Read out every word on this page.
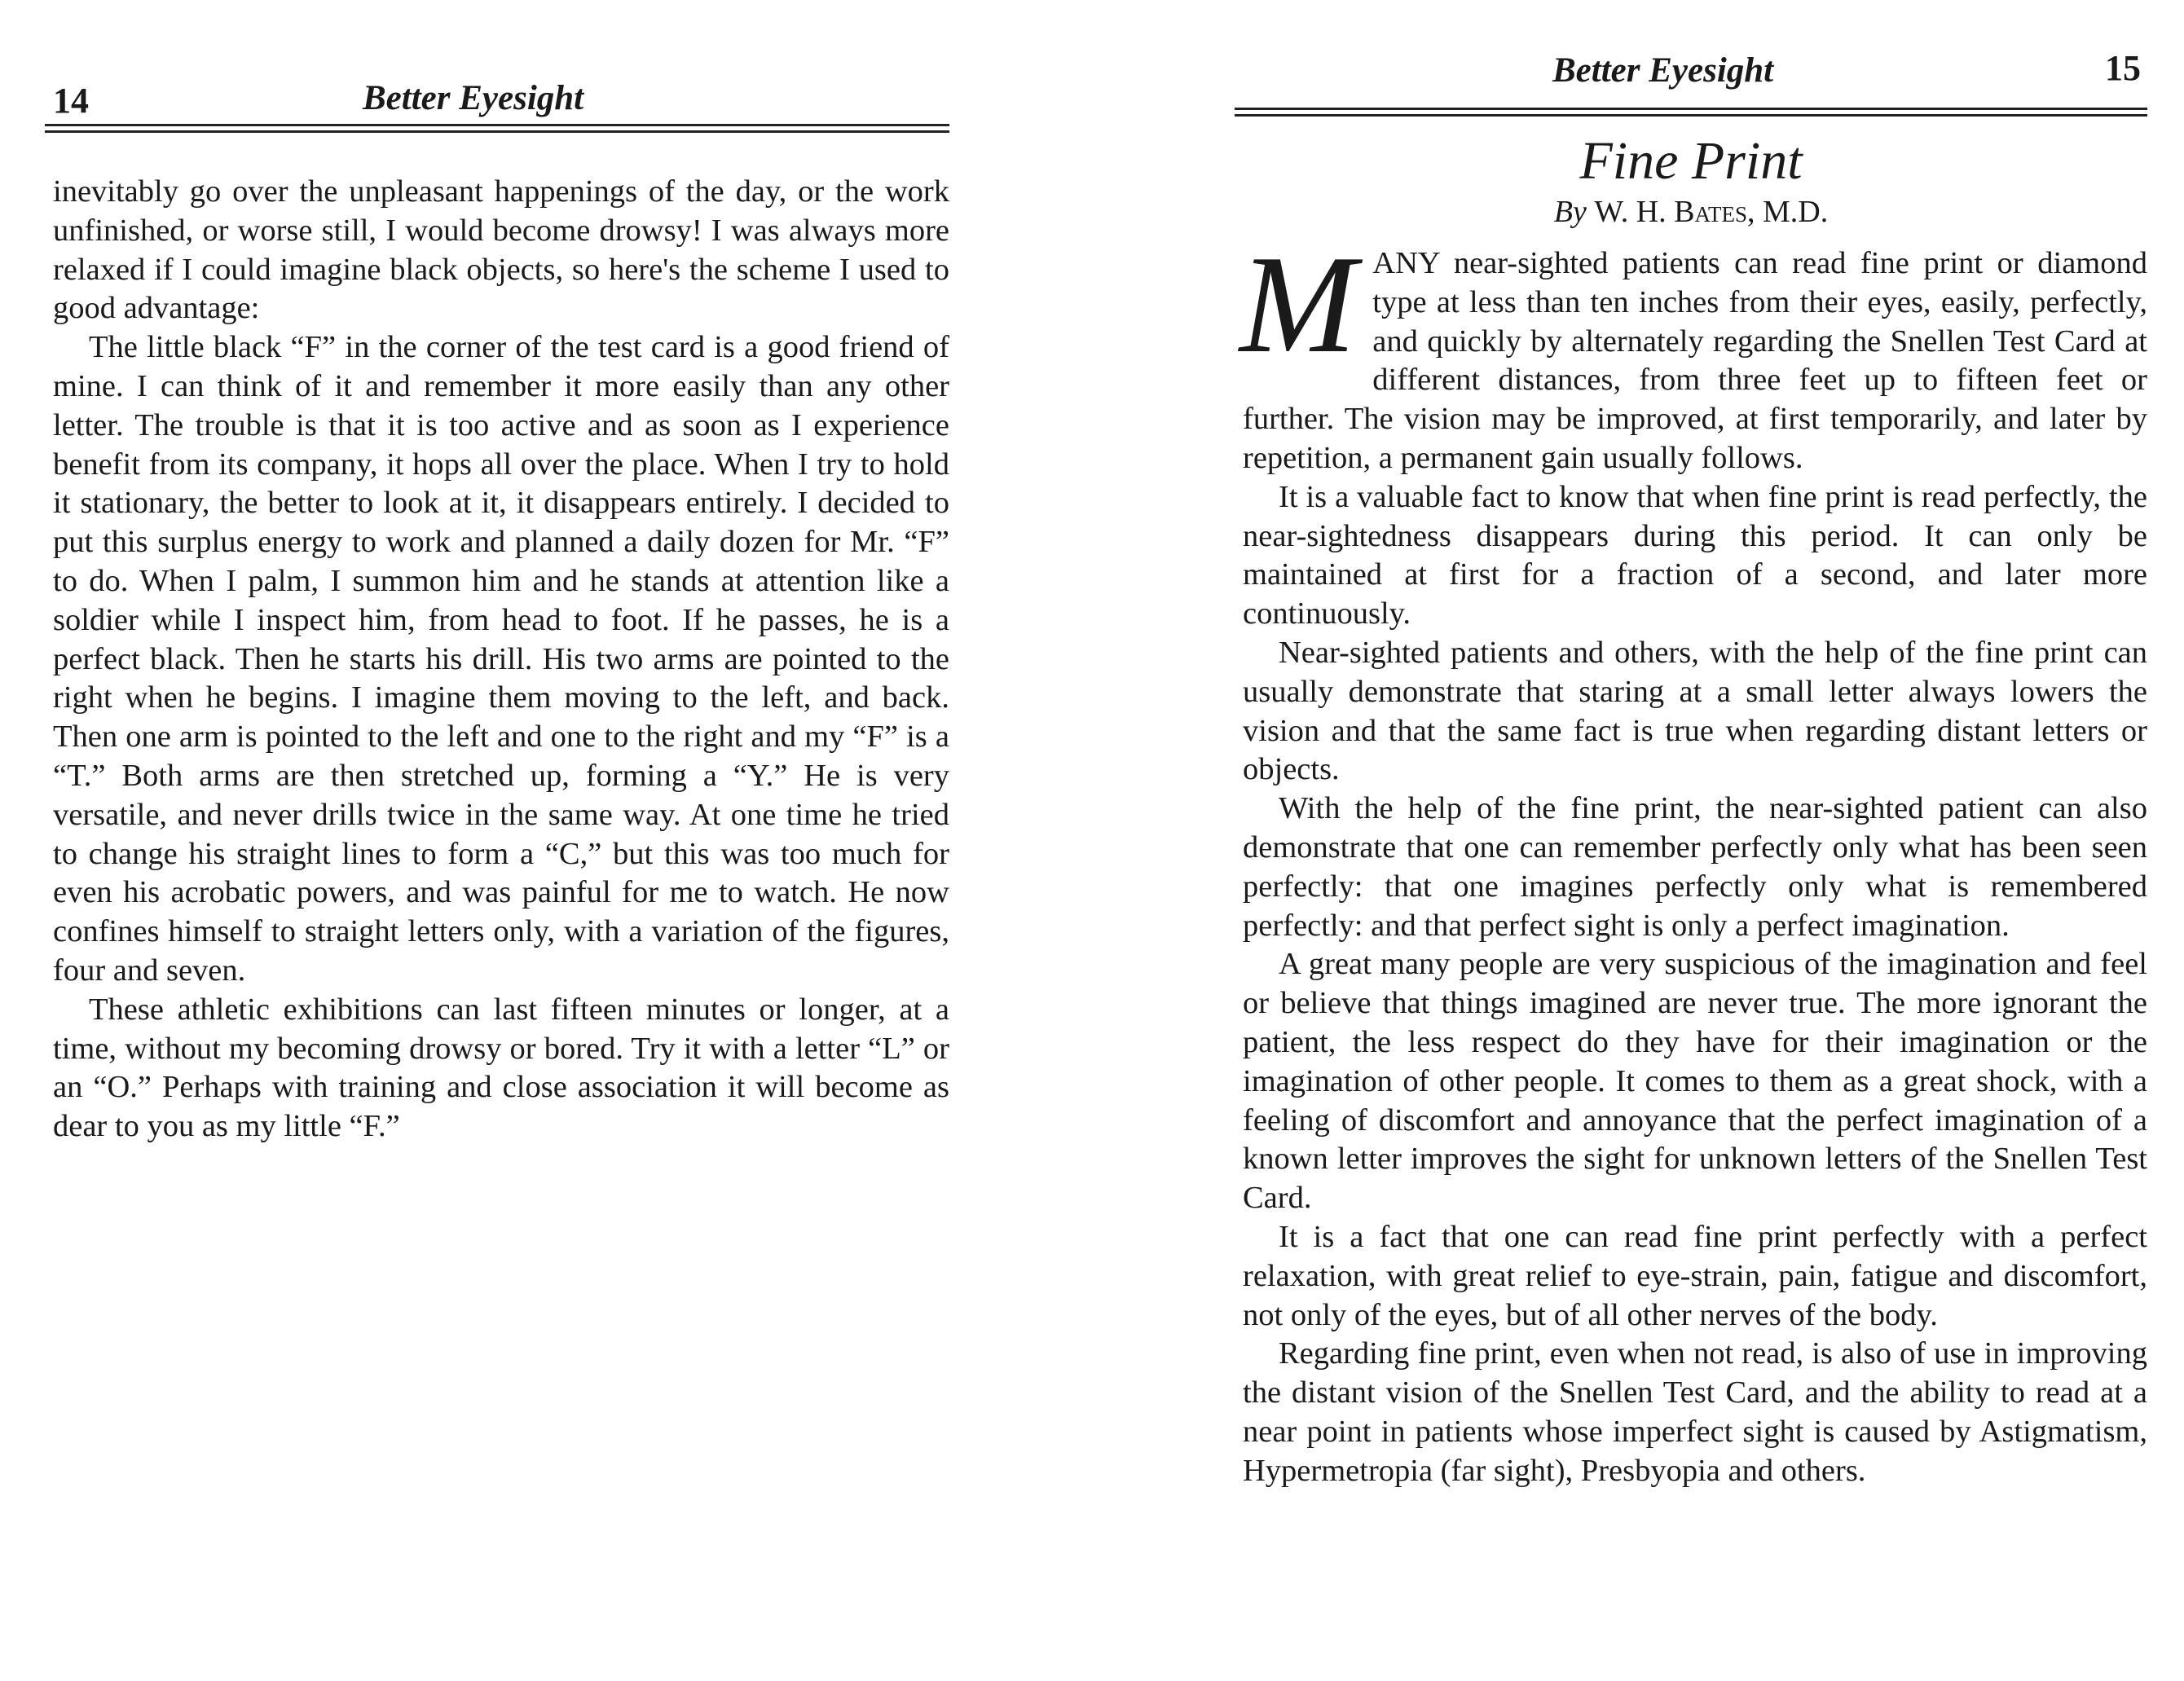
14	Better Eyesight

inevitably go over the unpleasant happenings of the day, or the work unfinished, or worse still, I would become drowsy! I was always more relaxed if I could imagine black objects, so here's the scheme I used to good advantage:

The little black “F” in the corner of the test card is a good friend of mine. I can think of it and remember it more easily than any other letter. The trouble is that it is too active and as soon as I experience benefit from its company, it hops all over the place. When I try to hold it stationary, the better to look at it, it disappears entirely. I decided to put this surplus energy to work and planned a daily dozen for Mr. “F” to do. When I palm, I summon him and he stands at attention like a soldier while I inspect him, from head to foot. If he passes, he is a perfect black. Then he starts his drill. His two arms are pointed to the right when he begins. I imagine them moving to the left, and back. Then one arm is pointed to the left and one to the right and my “F” is a “T.” Both arms are then stretched up, forming a “Y.” He is very versatile, and never drills twice in the same way. At one time he tried to change his straight lines to form a “C,” but this was too much for even his acrobatic powers, and was painful for me to watch. He now confines himself to straight letters only, with a variation of the figures, four and seven.

These athletic exhibitions can last fifteen minutes or longer, at a time, without my becoming drowsy or bored. Try it with a letter “L” or an “O.” Perhaps with training and close association it will become as dear to you as my little “F.”

Better Eyesight	15
Fine Print
By W. H. Bates, M.D.

MANY near-sighted patients can read fine print or diamond type at less than ten inches from their eyes, easily, perfectly, and quickly by alternately regarding the Snellen Test Card at different distances, from three feet up to fifteen feet or further. The vision may be improved, at first temporarily, and later by repetition, a permanent gain usually follows.

It is a valuable fact to know that when fine print is read perfectly, the near-sightedness disappears during this period. It can only be maintained at first for a fraction of a second, and later more continuously.

Near-sighted patients and others, with the help of the fine print can usually demonstrate that staring at a small letter always lowers the vision and that the same fact is true when regarding distant letters or objects.

With the help of the fine print, the near-sighted patient can also demonstrate that one can remember perfectly only what has been seen perfectly: that one imagines perfectly only what is remembered perfectly: and that perfect sight is only a perfect imagination.

A great many people are very suspicious of the imagination and feel or believe that things imagined are never true. The more ignorant the patient, the less respect do they have for their imagination or the imagination of other people. It comes to them as a great shock, with a feeling of discomfort and annoyance that the perfect imagination of a known letter improves the sight for unknown letters of the Snellen Test Card.

It is a fact that one can read fine print perfectly with a perfect relaxation, with great relief to eye-strain, pain, fatigue and discomfort, not only of the eyes, but of all other nerves of the body.

Regarding fine print, even when not read, is also of use in improving the distant vision of the Snellen Test Card, and the ability to read at a near point in patients whose imperfect sight is caused by Astigmatism, Hypermetropia (far sight), Presbyopia and others.
